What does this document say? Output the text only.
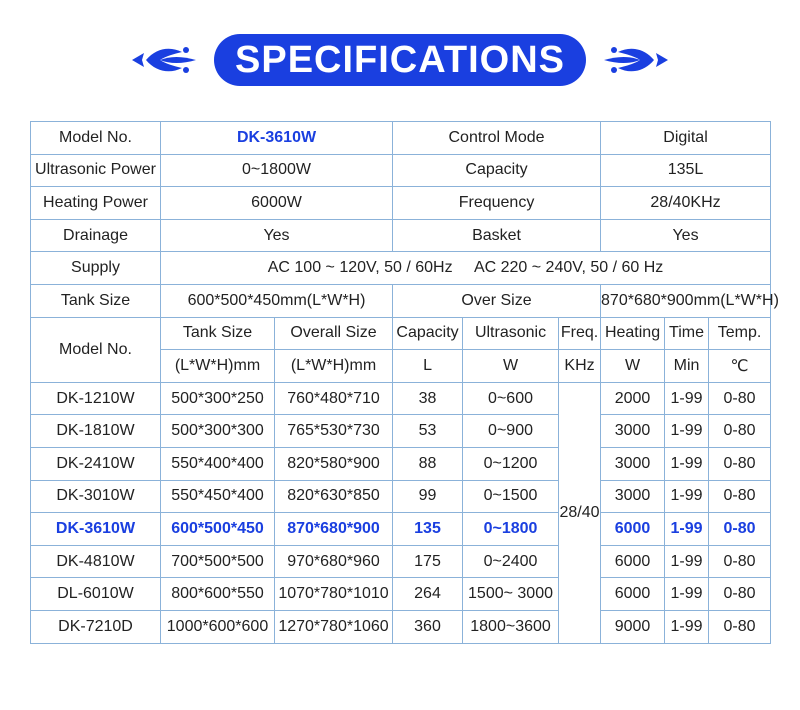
SPECIFICATIONS
Model No.	DK-3610W		Control Mode			Digital		
Ultrasonic Power	0~1800W		Capacity			135L		
Heating Power	6000W		Frequency			28/40KHz		
Drainage	Yes		Basket			Yes		
Supply	AC 100 ~ 120V, 50 / 60Hz     AC 220 ~ 240V, 50 / 60 Hz							
Tank Size	600*500*450mm(L*W*H)		Over Size			870*680*900mm(L*W*H)		
Model No.	Tank Size	Overall Size	Capacity	Ultrasonic	Freq.	Heating	Time	Temp.
	(L*W*H)mm	(L*W*H)mm	L	W	KHz	W	Min	℃
DK-1210W	500*300*250	760*480*710	38	0~600	28/40	2000	1-99	0-80
DK-1810W	500*300*300	765*530*730	53	0~900		3000	1-99	0-80
DK-2410W	550*400*400	820*580*900	88	0~1200		3000	1-99	0-80
DK-3010W	550*450*400	820*630*850	99	0~1500		3000	1-99	0-80
DK-3610W	600*500*450	870*680*900	135	0~1800		6000	1-99	0-80
DK-4810W	700*500*500	970*680*960	175	0~2400		6000	1-99	0-80
DL-6010W	800*600*550	1070*780*1010	264	1500~ 3000		6000	1-99	0-80
DK-7210D	1000*600*600	1270*780*1060	360	1800~3600		9000	1-99	0-80
